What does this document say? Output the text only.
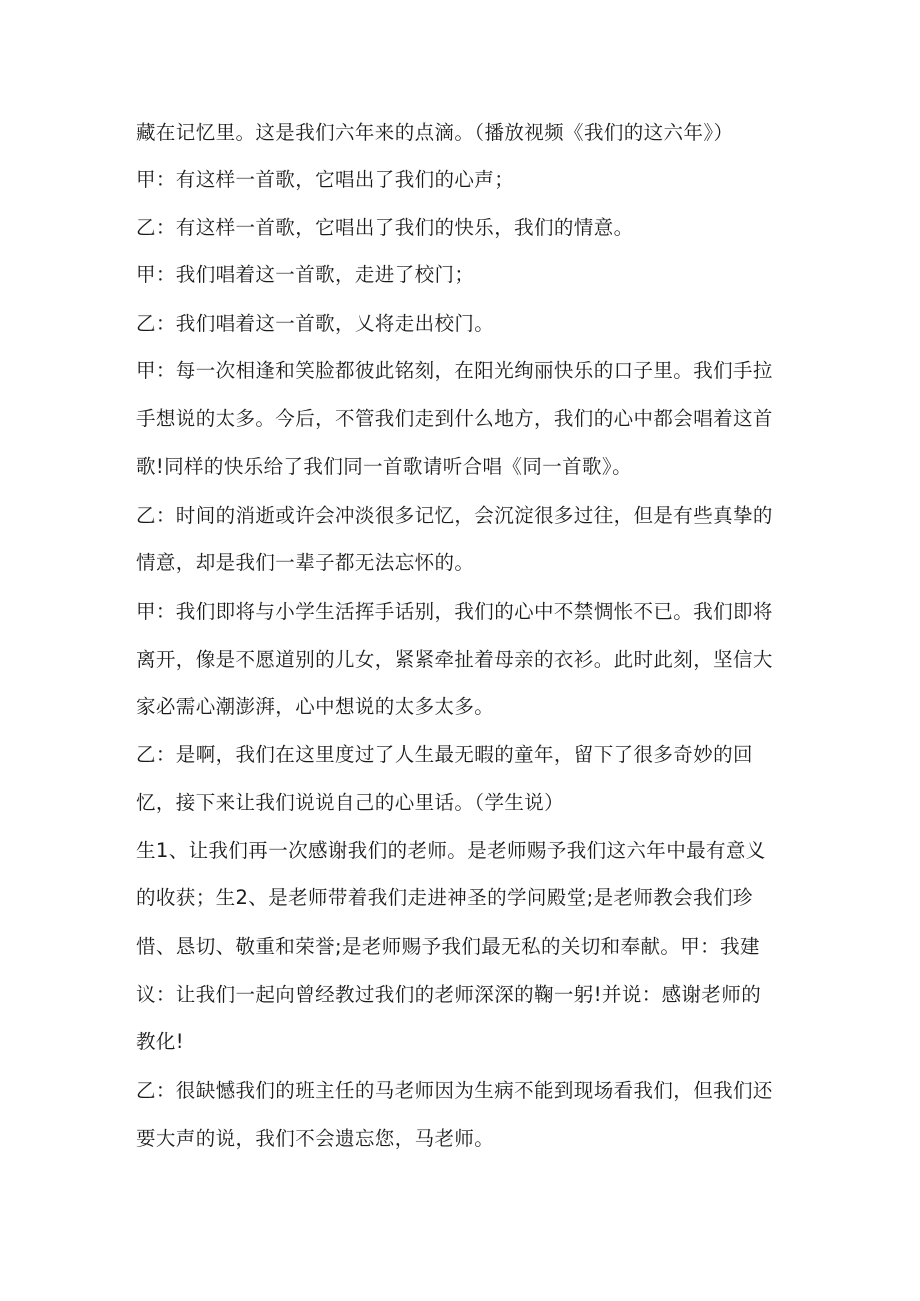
藏在记忆里。这是我们六年来的点滴。（播放视频《我们的这六年》）

甲：有这样一首歌，它唱出了我们的心声；

乙：有这样一首歌，它唱出了我们的快乐，我们的情意。

甲：我们唱着这一首歌，走进了校门；

乙：我们唱着这一首歌，乂将走出校门。

甲：每一次相逢和笑脸都彼此铭刻，在阳光绚丽快乐的口子里。我们手拉

手想说的太多。今后，不管我们走到什么地方，我们的心中都会唱着这首

歌!同样的快乐给了我们同一首歌请听合唱《同一首歌》。

乙：时间的消逝或许会冲淡很多记忆，会沉淀很多过往，但是有些真挚的

情意，却是我们一辈子都无法忘怀的。

甲：我们即将与小学生活挥手话别，我们的心中不禁惆怅不已。我们即将

离开，像是不愿道别的儿女，紧紧牵扯着母亲的衣衫。此时此刻，坚信大

家必需心潮澎湃，心中想说的太多太多。

乙：是啊，我们在这里度过了人生最无暇的童年，留下了很多奇妙的回

忆，接下来让我们说说自己的心里话。（学生说）

生1、让我们再一次感谢我们的老师。是老师赐予我们这六年中最有意义

的收获；生2、是老师带着我们走进神圣的学问殿堂;是老师教会我们珍

惜、恳切、敬重和荣誉;是老师赐予我们最无私的关切和奉献。甲：我建

议：让我们一起向曾经教过我们的老师深深的鞠一躬!并说：感谢老师的

教化!

乙：很缺憾我们的班主任的马老师因为生病不能到现场看我们，但我们还

要大声的说，我们不会遗忘您，马老师。
